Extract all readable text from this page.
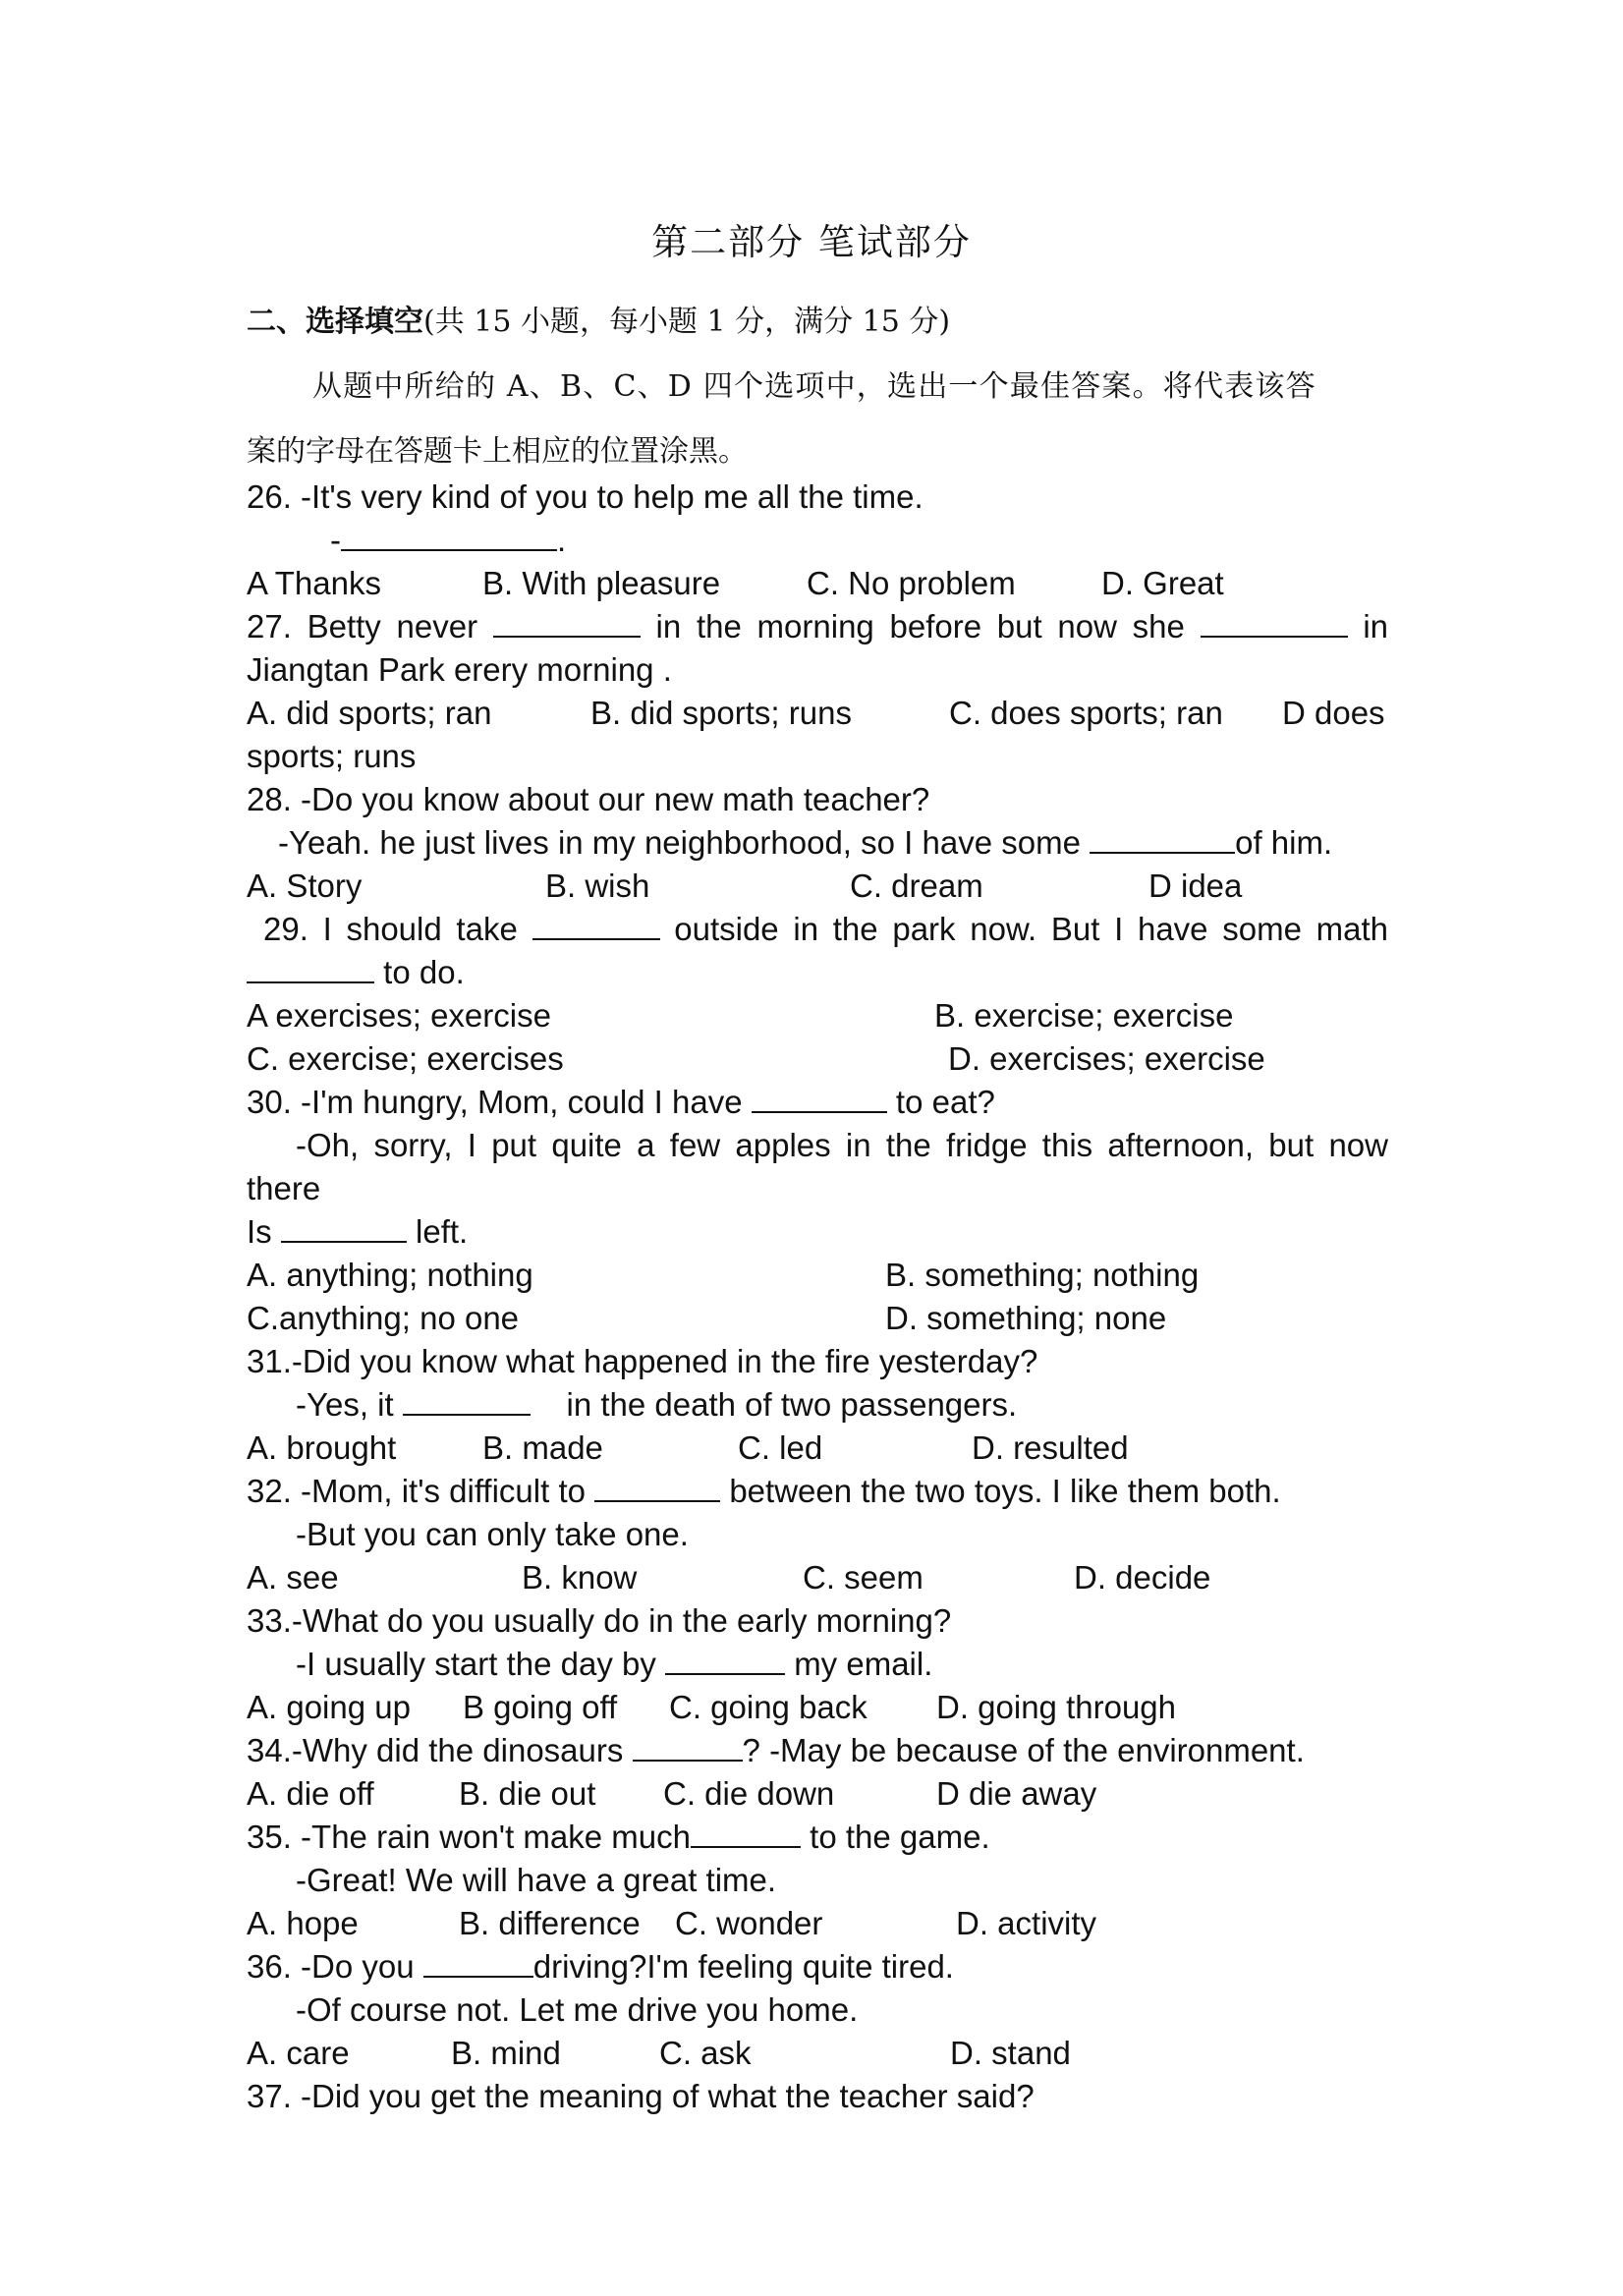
第二部分 笔试部分
二、选择填空(共 15 小题，每小题 1 分，满分 15 分)
从题中所给的 A、B、C、D 四个选项中，选出一个最佳答案。将代表该答
案的字母在答题卡上相应的位置涂黑。
26. -It's very kind of you to help me all the time.
-	.
A Thanks	B. With pleasure	C. No problem	D. Great
27. Betty never	in the morning before but now she	in
Jiangtan Park erery morning .
A. did sports; ran	B. did sports; runs	C. does sports; ran D does
sports; runs
28. -Do you know about our new math teacher?
-Yeah. he just lives in my neighborhood, so I have some	of him.
A. Story	B. wish	C. dream	D idea
29. I should take	outside in the park now. But I have some math
to do.
A exercises; exercise	B. exercise; exercise
C. exercise; exercises	D. exercises; exercise
30. -I'm hungry, Mom, could I have	to eat?
-Oh, sorry, I put quite a few apples in the fridge this afternoon, but now
there
Is	left.
A. anything; nothing	B. something; nothing
C.anything; no one	D. something; none
31.-Did you know what happened in the fire yesterday?
-Yes, it	in the death of two passengers.
A. brought	B. made	C. led	D. resulted
32. -Mom, it's difficult to	between the two toys. I like them both.
-But you can only take one.
A. see	B. know	C. seem	D. decide
33.-What do you usually do in the early morning?
-I usually start the day by	my email.
A. going up B going off C. going back D. going through
34.-Why did the dinosaurs	? -May be because of the environment.
A. die off	B. die out C. die down	D die away
35. -The rain won't make much	to the game.
-Great! We will have a great time.
A. hope	B. difference C. wonder	D. activity
36. -Do you	driving?I'm feeling quite tired.
-Of course not. Let me drive you home.
A. care	B. mind	C. ask	D. stand
37. -Did you get the meaning of what the teacher said?
